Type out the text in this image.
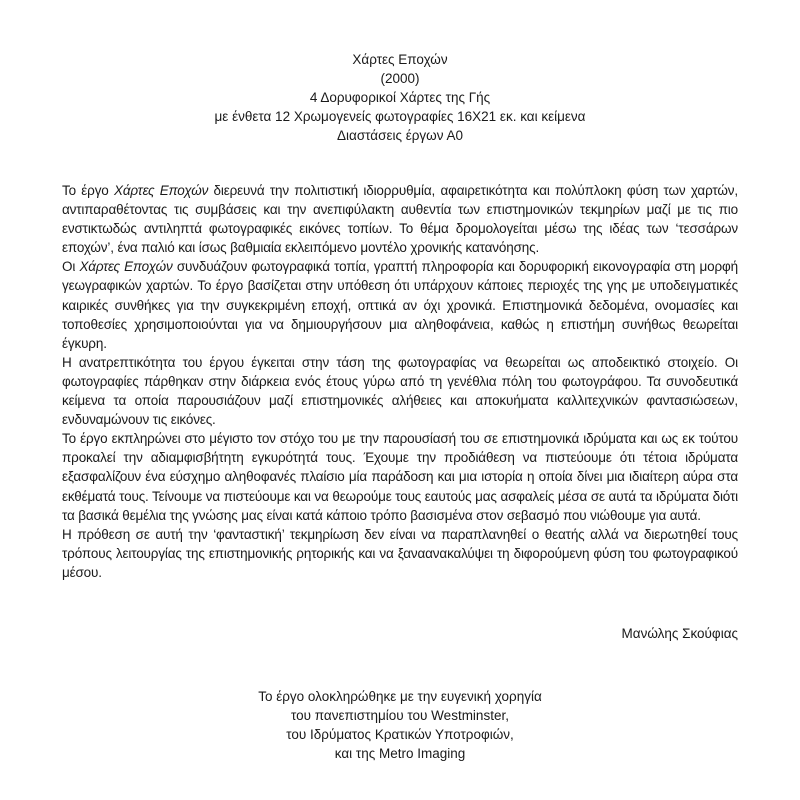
Χάρτες Εποχών
(2000)
4 Δορυφορικοί Χάρτες της Γής
με ένθετα 12 Χρωμογενείς φωτογραφίες 16Χ21 εκ. και κείμενα
Διαστάσεις έργων Α0

Το έργο Χάρτες Εποχών διερευνά την πολιτιστική ιδιορρυθμία, αφαιρετικότητα και πολύπλοκη φύση των χαρτών, αντιπαραθέτοντας τις συμβάσεις και την ανεπιφύλακτη αυθεντία των επιστημονικών τεκμηρίων μαζί με τις πιο ενστικτωδώς αντιληπτά φωτογραφικές εικόνες τοπίων. Το θέμα δρομολογείται μέσω της ιδέας των ‘τεσσάρων εποχών’, ένα παλιό και ίσως βαθμιαία εκλειπόμενο μοντέλο χρονικής κατανόησης.

Οι Χάρτες Εποχών συνδυάζουν φωτογραφικά τοπία, γραπτή πληροφορία και δορυφορική εικονογραφία στη μορφή γεωγραφικών χαρτών. Το έργο βασίζεται στην υπόθεση ότι υπάρχουν κάποιες περιοχές της γης με υποδειγματικές καιρικές συνθήκες για την συγκεκριμένη εποχή, οπτικά αν όχι χρονικά. Επιστημονικά δεδομένα, ονομασίες και τοποθεσίες χρησιμοποιούνται για να δημιουργήσουν μια αληθοφάνεια, καθώς η επιστήμη συνήθως θεωρείται έγκυρη.

Η ανατρεπτικότητα του έργου έγκειται στην τάση της φωτογραφίας να θεωρείται ως αποδεικτικό στοιχείο. Οι φωτογραφίες πάρθηκαν στην διάρκεια ενός έτους γύρω από τη γενέθλια πόλη του φωτογράφου. Τα συνοδευτικά κείμενα τα οποία παρουσιάζουν μαζί επιστημονικές αλήθειες και αποκυήματα καλλιτεχνικών φαντασιώσεων, ενδυναμώνουν τις εικόνες.

Το έργο εκπληρώνει στο μέγιστο τον στόχο του με την παρουσίασή του σε επιστημονικά ιδρύματα και ως εκ τούτου προκαλεί την αδιαμφισβήτητη εγκυρότητά τους. Έχουμε την προδιάθεση να πιστεύουμε ότι τέτοια ιδρύματα εξασφαλίζουν ένα εύσχημο αληθοφανές πλαίσιο μία παράδοση και μια ιστορία η οποία δίνει μια ιδιαίτερη αύρα στα εκθέματά τους. Τείνουμε να πιστεύουμε και να θεωρούμε τους εαυτούς μας ασφαλείς μέσα σε αυτά τα ιδρύματα διότι τα βασικά θεμέλια της γνώσης μας είναι κατά κάποιο τρόπο βασισμένα στον σεβασμό που νιώθουμε για αυτά.

Η πρόθεση σε αυτή την ‘φανταστική’ τεκμηρίωση δεν είναι να παραπλανηθεί ο θεατής αλλά να διερωτηθεί τους τρόπους λειτουργίας της επιστημονικής ρητορικής και να ξαναανακαλύψει τη διφορούμενη φύση του φωτογραφικού μέσου.

Μανώλης Σκούφιας
Το έργο ολοκληρώθηκε με την ευγενική χορηγία
του πανεπιστημίου του Westminster,
του Ιδρύματος Κρατικών Υποτροφιών,
και της Metro Imaging
